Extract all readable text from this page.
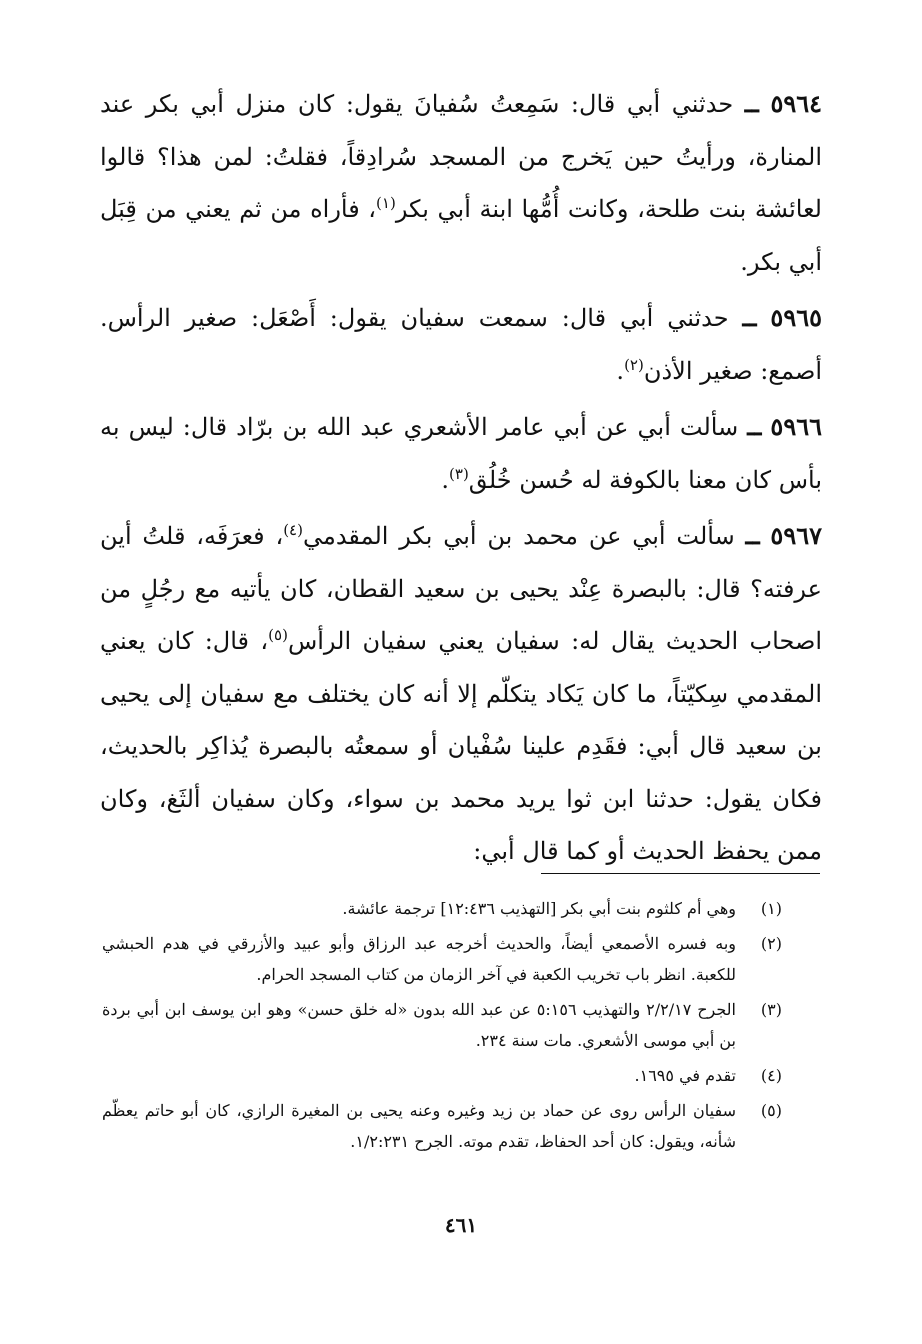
٥٩٦٤ ــ حدثني أبي قال: سَمِعتُ سُفيانَ يقول: كان منزل أبي بكر عند المنارة، ورأيتُ حين يَخرج من المسجد سُرادِقاً، فقلتُ: لمن هذا؟ قالوا لعائشة بنت طلحة، وكانت أُمُّها ابنة أبي بكر$^{(١)}$، فأراه من ثم يعني من قِبَل أبي بكر.

٥٩٦٥ ــ حدثني أبي قال: سمعت سفيان يقول: أَصْعَل: صغير الرأس. أصمع: صغير الأذن$^{(٢)}$.

٥٩٦٦ ــ سألت أبي عن أبي عامر الأشعري عبد الله بن برّاد قال: ليس به بأس كان معنا بالكوفة له حُسن خُلُق$^{(٣)}$.

٥٩٦٧ ــ سألت أبي عن محمد بن أبي بكر المقدمي$^{(٤)}$، فعرَفَه، قلتُ أين عرفته؟ قال: بالبصرة عِنْد يحيى بن سعيد القطان، كان يأتيه مع رجُلٍ من اصحاب الحديث يقال له: سفيان يعني سفيان الرأس$^{(٥)}$، قال: كان يعني المقدمي سِكيّتاً، ما كان يَكاد يتكلّم إلا أنه كان يختلف مع سفيان إلى يحيى بن سعيد قال أبي: فقَدِم علينا سُفْيان أو سمعتُه بالبصرة يُذاكِر بالحديث، فكان يقول: حدثنا ابن ثوا يريد محمد بن سواء، وكان سفيان ألثَغ، وكان ممن يحفظ الحديث أو كما قال أبي:

(١)
وهي أم كلثوم بنت أبي بكر [التهذيب ١٢:٤٣٦] ترجمة عائشة.
(٢)
وبه فسره الأصمعي أيضاً، والحديث أخرجه عبد الرزاق وأبو عبيد والأزرقي في هدم الحبشي للكعبة. انظر باب تخريب الكعبة في آخر الزمان من كتاب المسجد الحرام.
(٣)
الجرح ٢/٢/١٧ والتهذيب ٥:١٥٦ عن عبد الله بدون «له خلق حسن» وهو ابن يوسف ابن أبي بردة بن أبي موسى الأشعري. مات سنة ٢٣٤.
(٤)
تقدم في ١٦٩٥.
(٥)
سفيان الرأس روى عن حماد بن زيد وغيره وعنه يحيى بن المغيرة الرازي، كان أبو حاتم يعظّم شأنه، ويقول: كان أحد الحفاظ، تقدم موته. الجرح ١/٢:٢٣١.
٤٦١
